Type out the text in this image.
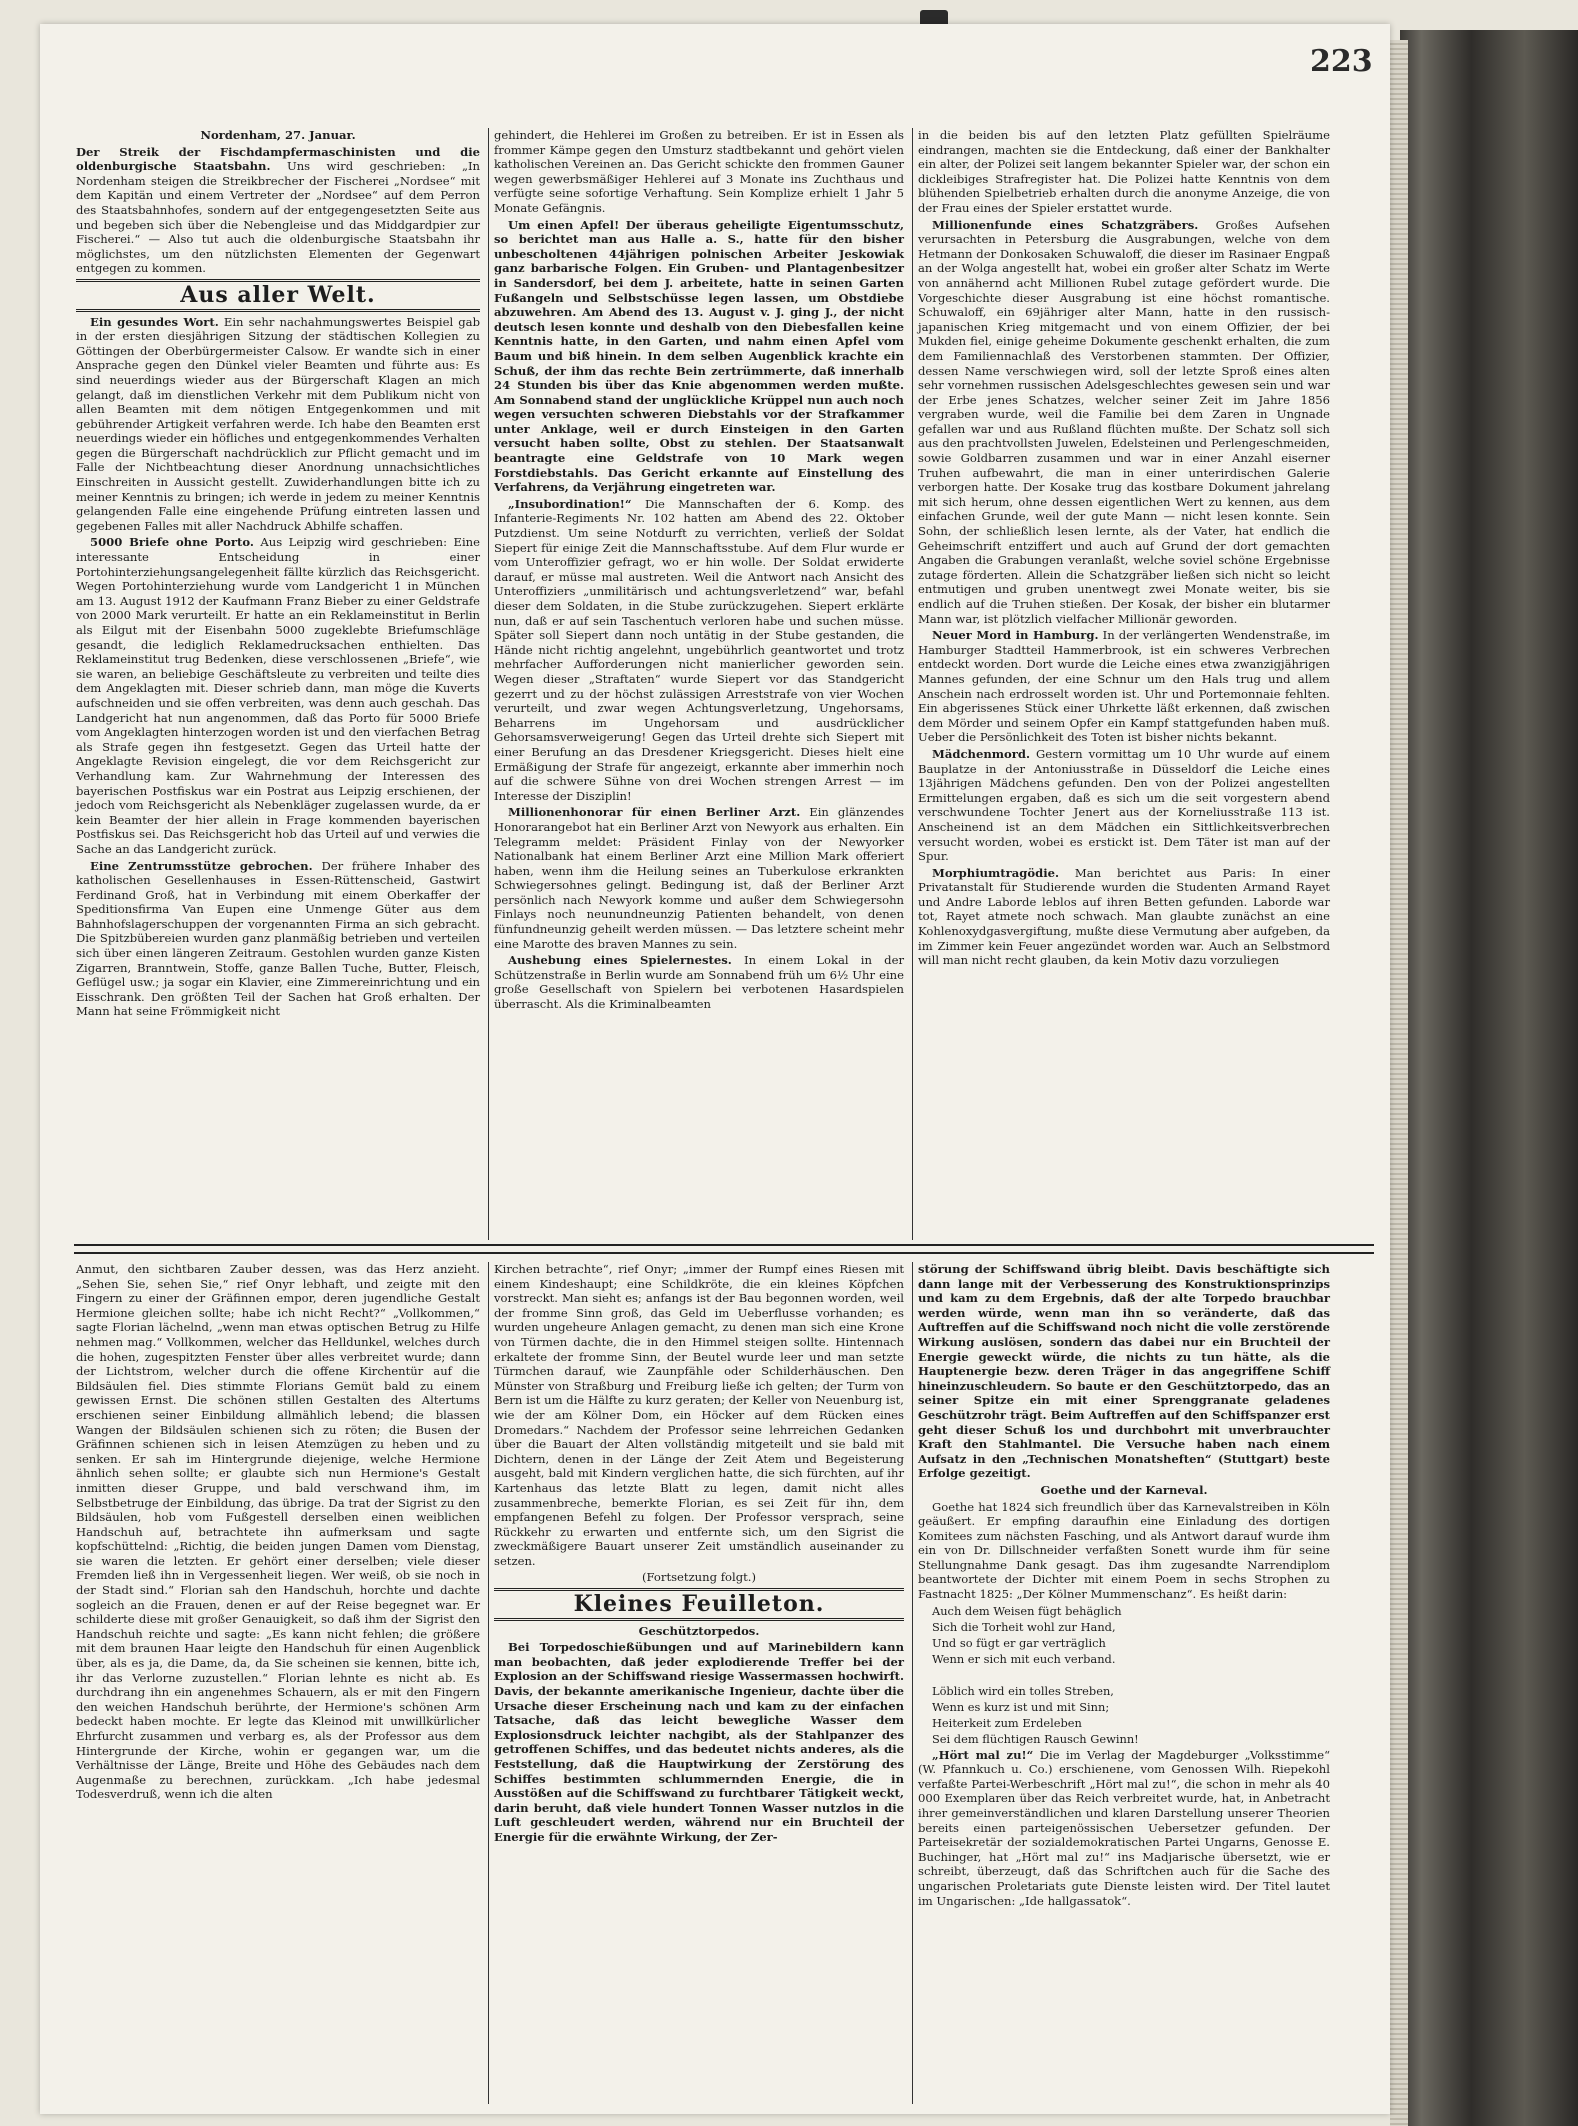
223

Nordenham, 27. Januar.

Der Streik der Fischdampfermaschinisten und die oldenburgische Staatsbahn. Uns wird geschrieben: „In Nordenham steigen die Streikbrecher der Fischerei „Nordsee“ mit dem Kapitän und einem Vertreter der „Nordsee“ auf dem Perron des Staatsbahnhofes, sondern auf der entgegengesetzten Seite aus und begeben sich über die Nebengleise und das Middgardpier zur Fischerei.“ — Also tut auch die oldenburgische Staatsbahn ihr möglichstes, um den nützlichsten Elementen der Gegenwart entgegen zu kommen.

Aus aller Welt.

Ein gesundes Wort. Ein sehr nachahmungswertes Beispiel gab in der ersten diesjährigen Sitzung der städtischen Kollegien zu Göttingen der Oberbürgermeister Calsow. Er wandte sich in einer Ansprache gegen den Dünkel vieler Beamten und führte aus: Es sind neuerdings wieder aus der Bürgerschaft Klagen an mich gelangt, daß im dienstlichen Verkehr mit dem Publikum nicht von allen Beamten mit dem nötigen Entgegenkommen und mit gebührender Artigkeit verfahren werde. Ich habe den Beamten erst neuerdings wieder ein höfliches und entgegenkommendes Verhalten gegen die Bürgerschaft nachdrücklich zur Pflicht gemacht und im Falle der Nichtbeachtung dieser Anordnung unnachsichtliches Einschreiten in Aussicht gestellt. Zuwiderhandlungen bitte ich zu meiner Kenntnis zu bringen; ich werde in jedem zu meiner Kenntnis gelangenden Falle eine eingehende Prüfung eintreten lassen und gegebenen Falles mit aller Nachdruck Abhilfe schaffen.

5000 Briefe ohne Porto. Aus Leipzig wird geschrieben: Eine interessante Entscheidung in einer Portohinterziehungsangelegenheit fällte kürzlich das Reichsgericht. Wegen Portohinterziehung wurde vom Landgericht 1 in München am 13. August 1912 der Kaufmann Franz Bieber zu einer Geldstrafe von 2000 Mark verurteilt. Er hatte an ein Reklameinstitut in Berlin als Eilgut mit der Eisenbahn 5000 zugeklebte Briefumschläge gesandt, die lediglich Reklamedrucksachen enthielten. Das Reklameinstitut trug Bedenken, diese verschlossenen „Briefe“, wie sie waren, an beliebige Geschäftsleute zu verbreiten und teilte dies dem Angeklagten mit. Dieser schrieb dann, man möge die Kuverts aufschneiden und sie offen verbreiten, was denn auch geschah. Das Landgericht hat nun angenommen, daß das Porto für 5000 Briefe vom Angeklagten hinterzogen worden ist und den vierfachen Betrag als Strafe gegen ihn festgesetzt. Gegen das Urteil hatte der Angeklagte Revision eingelegt, die vor dem Reichsgericht zur Verhandlung kam. Zur Wahrnehmung der Interessen des bayerischen Postfiskus war ein Postrat aus Leipzig erschienen, der jedoch vom Reichsgericht als Nebenkläger zugelassen wurde, da er kein Beamter der hier allein in Frage kommenden bayerischen Postfiskus sei. Das Reichsgericht hob das Urteil auf und verwies die Sache an das Landgericht zurück.

Eine Zentrumsstütze gebrochen. Der frühere Inhaber des katholischen Gesellenhauses in Essen-Rüttenscheid, Gastwirt Ferdinand Groß, hat in Verbindung mit einem Oberkaffer der Speditionsfirma Van Eupen eine Unmenge Güter aus dem Bahnhofslagerschuppen der vorgenannten Firma an sich gebracht. Die Spitzbübereien wurden ganz planmäßig betrieben und verteilen sich über einen längeren Zeitraum. Gestohlen wurden ganze Kisten Zigarren, Branntwein, Stoffe, ganze Ballen Tuche, Butter, Fleisch, Geflügel usw.; ja sogar ein Klavier, eine Zimmereinrichtung und ein Eisschrank. Den größten Teil der Sachen hat Groß erhalten. Der Mann hat seine Frömmigkeit nicht

gehindert, die Hehlerei im Großen zu betreiben. Er ist in Essen als frommer Kämpe gegen den Umsturz stadtbekannt und gehört vielen katholischen Vereinen an. Das Gericht schickte den frommen Gauner wegen gewerbsmäßiger Hehlerei auf 3 Monate ins Zuchthaus und verfügte seine sofortige Verhaftung. Sein Komplize erhielt 1 Jahr 5 Monate Gefängnis.

Um einen Apfel! Der überaus geheiligte Eigentumsschutz, so berichtet man aus Halle a. S., hatte für den bisher unbescholtenen 44jährigen polnischen Arbeiter Jeskowiak ganz barbarische Folgen. Ein Gruben- und Plantagenbesitzer in Sandersdorf, bei dem J. arbeitete, hatte in seinen Garten Fußangeln und Selbstschüsse legen lassen, um Obstdiebe abzuwehren. Am Abend des 13. August v. J. ging J., der nicht deutsch lesen konnte und deshalb von den Diebesfallen keine Kenntnis hatte, in den Garten, und nahm einen Apfel vom Baum und biß hinein. In dem selben Augenblick krachte ein Schuß, der ihm das rechte Bein zertrümmerte, daß innerhalb 24 Stunden bis über das Knie abgenommen werden mußte. Am Sonnabend stand der unglückliche Krüppel nun auch noch wegen versuchten schweren Diebstahls vor der Strafkammer unter Anklage, weil er durch Einsteigen in den Garten versucht haben sollte, Obst zu stehlen. Der Staatsanwalt beantragte eine Geldstrafe von 10 Mark wegen Forstdiebstahls. Das Gericht erkannte auf Einstellung des Verfahrens, da Verjährung eingetreten war.

„Insubordination!“ Die Mannschaften der 6. Komp. des Infanterie-Regiments Nr. 102 hatten am Abend des 22. Oktober Putzdienst. Um seine Notdurft zu verrichten, verließ der Soldat Siepert für einige Zeit die Mannschaftsstube. Auf dem Flur wurde er vom Unteroffizier gefragt, wo er hin wolle. Der Soldat erwiderte darauf, er müsse mal austreten. Weil die Antwort nach Ansicht des Unteroffiziers „unmilitärisch und achtungsverletzend“ war, befahl dieser dem Soldaten, in die Stube zurückzugehen. Siepert erklärte nun, daß er auf sein Taschentuch verloren habe und suchen müsse. Später soll Siepert dann noch untätig in der Stube gestanden, die Hände nicht richtig angelehnt, ungebührlich geantwortet und trotz mehrfacher Aufforderungen nicht manierlicher geworden sein. Wegen dieser „Straftaten“ wurde Siepert vor das Standgericht gezerrt und zu der höchst zulässigen Arreststrafe von vier Wochen verurteilt, und zwar wegen Achtungsverletzung, Ungehorsams, Beharrens im Ungehorsam und ausdrücklicher Gehorsamsverweigerung! Gegen das Urteil drehte sich Siepert mit einer Berufung an das Dresdener Kriegsgericht. Dieses hielt eine Ermäßigung der Strafe für angezeigt, erkannte aber immerhin noch auf die schwere Sühne von drei Wochen strengen Arrest — im Interesse der Disziplin!

Millionenhonorar für einen Berliner Arzt. Ein glänzendes Honorarangebot hat ein Berliner Arzt von Newyork aus erhalten. Ein Telegramm meldet: Präsident Finlay von der Newyorker Nationalbank hat einem Berliner Arzt eine Million Mark offeriert haben, wenn ihm die Heilung seines an Tuberkulose erkrankten Schwiegersohnes gelingt. Bedingung ist, daß der Berliner Arzt persönlich nach Newyork komme und außer dem Schwiegersohn Finlays noch neunundneunzig Patienten behandelt, von denen fünfundneunzig geheilt werden müssen. — Das letztere scheint mehr eine Marotte des braven Mannes zu sein.

Aushebung eines Spielernestes. In einem Lokal in der Schützenstraße in Berlin wurde am Sonnabend früh um 6½ Uhr eine große Gesellschaft von Spielern bei verbotenen Hasardspielen überrascht. Als die Kriminalbeamten

in die beiden bis auf den letzten Platz gefüllten Spielräume eindrangen, machten sie die Entdeckung, daß einer der Bankhalter ein alter, der Polizei seit langem bekannter Spieler war, der schon ein dickleibiges Strafregister hat. Die Polizei hatte Kenntnis von dem blühenden Spielbetrieb erhalten durch die anonyme Anzeige, die von der Frau eines der Spieler erstattet wurde.

Millionenfunde eines Schatzgräbers. Großes Aufsehen verursachten in Petersburg die Ausgrabungen, welche von dem Hetmann der Donkosaken Schuwaloff, die dieser im Rasinaer Engpaß an der Wolga angestellt hat, wobei ein großer alter Schatz im Werte von annähernd acht Millionen Rubel zutage gefördert wurde. Die Vorgeschichte dieser Ausgrabung ist eine höchst romantische. Schuwaloff, ein 69jähriger alter Mann, hatte in den russisch-japanischen Krieg mitgemacht und von einem Offizier, der bei Mukden fiel, einige geheime Dokumente geschenkt erhalten, die zum dem Familiennachlaß des Verstorbenen stammten. Der Offizier, dessen Name verschwiegen wird, soll der letzte Sproß eines alten sehr vornehmen russischen Adelsgeschlechtes gewesen sein und war der Erbe jenes Schatzes, welcher seiner Zeit im Jahre 1856 vergraben wurde, weil die Familie bei dem Zaren in Ungnade gefallen war und aus Rußland flüchten mußte. Der Schatz soll sich aus den prachtvollsten Juwelen, Edelsteinen und Perlengeschmeiden, sowie Goldbarren zusammen und war in einer Anzahl eiserner Truhen aufbewahrt, die man in einer unterirdischen Galerie verborgen hatte. Der Kosake trug das kostbare Dokument jahrelang mit sich herum, ohne dessen eigentlichen Wert zu kennen, aus dem einfachen Grunde, weil der gute Mann — nicht lesen konnte. Sein Sohn, der schließlich lesen lernte, als der Vater, hat endlich die Geheimschrift entziffert und auch auf Grund der dort gemachten Angaben die Grabungen veranlaßt, welche soviel schöne Ergebnisse zutage förderten. Allein die Schatzgräber ließen sich nicht so leicht entmutigen und gruben unentwegt zwei Monate weiter, bis sie endlich auf die Truhen stießen. Der Kosak, der bisher ein blutarmer Mann war, ist plötzlich vielfacher Millionär geworden.

Neuer Mord in Hamburg. In der verlängerten Wendenstraße, im Hamburger Stadtteil Hammerbrook, ist ein schweres Verbrechen entdeckt worden. Dort wurde die Leiche eines etwa zwanzigjährigen Mannes gefunden, der eine Schnur um den Hals trug und allem Anschein nach erdrosselt worden ist. Uhr und Portemonnaie fehlten. Ein abgerissenes Stück einer Uhrkette läßt erkennen, daß zwischen dem Mörder und seinem Opfer ein Kampf stattgefunden haben muß. Ueber die Persönlichkeit des Toten ist bisher nichts bekannt.

Mädchenmord. Gestern vormittag um 10 Uhr wurde auf einem Bauplatze in der Antoniusstraße in Düsseldorf die Leiche eines 13jährigen Mädchens gefunden. Den von der Polizei angestellten Ermittelungen ergaben, daß es sich um die seit vorgestern abend verschwundene Tochter Jenert aus der Korneliusstraße 113 ist. Anscheinend ist an dem Mädchen ein Sittlichkeitsverbrechen versucht worden, wobei es erstickt ist. Dem Täter ist man auf der Spur.

Morphiumtragödie. Man berichtet aus Paris: In einer Privatanstalt für Studierende wurden die Studenten Armand Rayet und Andre Laborde leblos auf ihren Betten gefunden. Laborde war tot, Rayet atmete noch schwach. Man glaubte zunächst an eine Kohlenoxydgasvergiftung, mußte diese Vermutung aber aufgeben, da im Zimmer kein Feuer angezündet worden war. Auch an Selbstmord will man nicht recht glauben, da kein Motiv dazu vorzuliegen

Anmut, den sichtbaren Zauber dessen, was das Herz anzieht. „Sehen Sie, sehen Sie,“ rief Onyr lebhaft, und zeigte mit den Fingern zu einer der Gräfinnen empor, deren jugendliche Gestalt Hermione gleichen sollte; habe ich nicht Recht?“ „Vollkommen,“ sagte Florian lächelnd, „wenn man etwas optischen Betrug zu Hilfe nehmen mag.“ Vollkommen, welcher das Helldunkel, welches durch die hohen, zugespitzten Fenster über alles verbreitet wurde; dann der Lichtstrom, welcher durch die offene Kirchentür auf die Bildsäulen fiel. Dies stimmte Florians Gemüt bald zu einem gewissen Ernst. Die schönen stillen Gestalten des Altertums erschienen seiner Einbildung allmählich lebend; die blassen Wangen der Bildsäulen schienen sich zu röten; die Busen der Gräfinnen schienen sich in leisen Atemzügen zu heben und zu senken. Er sah im Hintergrunde diejenige, welche Hermione ähnlich sehen sollte; er glaubte sich nun Hermione's Gestalt inmitten dieser Gruppe, und bald verschwand ihm, im Selbstbetruge der Einbildung, das übrige. Da trat der Sigrist zu den Bildsäulen, hob vom Fußgestell derselben einen weiblichen Handschuh auf, betrachtete ihn aufmerksam und sagte kopfschüttelnd: „Richtig, die beiden jungen Damen vom Dienstag, sie waren die letzten. Er gehört einer derselben; viele dieser Fremden ließ ihn in Vergessenheit liegen. Wer weiß, ob sie noch in der Stadt sind.“ Florian sah den Handschuh, horchte und dachte sogleich an die Frauen, denen er auf der Reise begegnet war. Er schilderte diese mit großer Genauigkeit, so daß ihm der Sigrist den Handschuh reichte und sagte: „Es kann nicht fehlen; die größere mit dem braunen Haar leigte den Handschuh für einen Augenblick über, als es ja, die Dame, da, da Sie scheinen sie kennen, bitte ich, ihr das Verlorne zuzustellen.“ Florian lehnte es nicht ab. Es durchdrang ihn ein angenehmes Schauern, als er mit den Fingern den weichen Handschuh berührte, der Hermione's schönen Arm bedeckt haben mochte. Er legte das Kleinod mit unwillkürlicher Ehrfurcht zusammen und verbarg es, als der Professor aus dem Hintergrunde der Kirche, wohin er gegangen war, um die Verhältnisse der Länge, Breite und Höhe des Gebäudes nach dem Augenmaße zu berechnen, zurückkam. „Ich habe jedesmal Todesverdruß, wenn ich die alten

Kirchen betrachte“, rief Onyr; „immer der Rumpf eines Riesen mit einem Kindeshaupt; eine Schildkröte, die ein kleines Köpfchen vorstreckt. Man sieht es; anfangs ist der Bau begonnen worden, weil der fromme Sinn groß, das Geld im Ueberflusse vorhanden; es wurden ungeheure Anlagen gemacht, zu denen man sich eine Krone von Türmen dachte, die in den Himmel steigen sollte. Hintennach erkaltete der fromme Sinn, der Beutel wurde leer und man setzte Türmchen darauf, wie Zaunpfähle oder Schilderhäuschen. Den Münster von Straßburg und Freiburg ließe ich gelten; der Turm von Bern ist um die Hälfte zu kurz geraten; der Keller von Neuenburg ist, wie der am Kölner Dom, ein Höcker auf dem Rücken eines Dromedars.“ Nachdem der Professor seine lehrreichen Gedanken über die Bauart der Alten vollständig mitgeteilt und sie bald mit Dichtern, denen in der Länge der Zeit Atem und Begeisterung ausgeht, bald mit Kindern verglichen hatte, die sich fürchten, auf ihr Kartenhaus das letzte Blatt zu legen, damit nicht alles zusammenbreche, bemerkte Florian, es sei Zeit für ihn, dem empfangenen Befehl zu folgen. Der Professor versprach, seine Rückkehr zu erwarten und entfernte sich, um den Sigrist die zweckmäßigere Bauart unserer Zeit umständlich auseinander zu setzen.

(Fortsetzung folgt.)

Kleines Feuilleton.

Geschütztorpedos.

Bei Torpedoschießübungen und auf Marinebildern kann man beobachten, daß jeder explodierende Treffer bei der Explosion an der Schiffswand riesige Wassermassen hochwirft. Davis, der bekannte amerikanische Ingenieur, dachte über die Ursache dieser Erscheinung nach und kam zu der einfachen Tatsache, daß das leicht bewegliche Wasser dem Explosionsdruck leichter nachgibt, als der Stahlpanzer des getroffenen Schiffes, und das bedeutet nichts anderes, als die Feststellung, daß die Hauptwirkung der Zerstörung des Schiffes bestimmten schlummernden Energie, die in Ausstößen auf die Schiffswand zu furchtbarer Tätigkeit weckt, darin beruht, daß viele hundert Tonnen Wasser nutzlos in die Luft geschleudert werden, während nur ein Bruchteil der Energie für die erwähnte Wirkung, der Zer-

störung der Schiffswand übrig bleibt. Davis beschäftigte sich dann lange mit der Verbesserung des Konstruktionsprinzips und kam zu dem Ergebnis, daß der alte Torpedo brauchbar werden würde, wenn man ihn so veränderte, daß das Auftreffen auf die Schiffswand noch nicht die volle zerstörende Wirkung auslösen, sondern das dabei nur ein Bruchteil der Energie geweckt würde, die nichts zu tun hätte, als die Hauptenergie bezw. deren Träger in das angegriffene Schiff hineinzuschleudern. So baute er den Geschütztorpedo, das an seiner Spitze ein mit einer Sprenggranate geladenes Geschützrohr trägt. Beim Auftreffen auf den Schiffspanzer erst geht dieser Schuß los und durchbohrt mit unverbrauchter Kraft den Stahlmantel. Die Versuche haben nach einem Aufsatz in den „Technischen Monatsheften“ (Stuttgart) beste Erfolge gezeitigt.

Goethe und der Karneval.

Goethe hat 1824 sich freundlich über das Karnevalstreiben in Köln geäußert. Er empfing daraufhin eine Einladung des dortigen Komitees zum nächsten Fasching, und als Antwort darauf wurde ihm ein von Dr. Dillschneider verfaßten Sonett wurde ihm für seine Stellungnahme Dank gesagt. Das ihm zugesandte Narrendiplom beantwortete der Dichter mit einem Poem in sechs Strophen zu Fastnacht 1825: „Der Kölner Mummenschanz“. Es heißt darin:

Auch dem Weisen fügt behäglich

Sich die Torheit wohl zur Hand,

Und so fügt er gar verträglich

Wenn er sich mit euch verband.

Löblich wird ein tolles Streben,

Wenn es kurz ist und mit Sinn;

Heiterkeit zum Erdeleben

Sei dem flüchtigen Rausch Gewinn!

„Hört mal zu!“ Die im Verlag der Magdeburger „Volksstimme“ (W. Pfannkuch u. Co.) erschienene, vom Genossen Wilh. Riepekohl verfaßte Partei-Werbeschrift „Hört mal zu!“, die schon in mehr als 40 000 Exemplaren über das Reich verbreitet wurde, hat, in Anbetracht ihrer gemeinverständlichen und klaren Darstellung unserer Theorien bereits einen parteigenössischen Uebersetzer gefunden. Der Parteisekretär der sozialdemokratischen Partei Ungarns, Genosse E. Buchinger, hat „Hört mal zu!“ ins Madjarische übersetzt, wie er schreibt, überzeugt, daß das Schriftchen auch für die Sache des ungarischen Proletariats gute Dienste leisten wird. Der Titel lautet im Ungarischen: „Ide hallgassatok“.
